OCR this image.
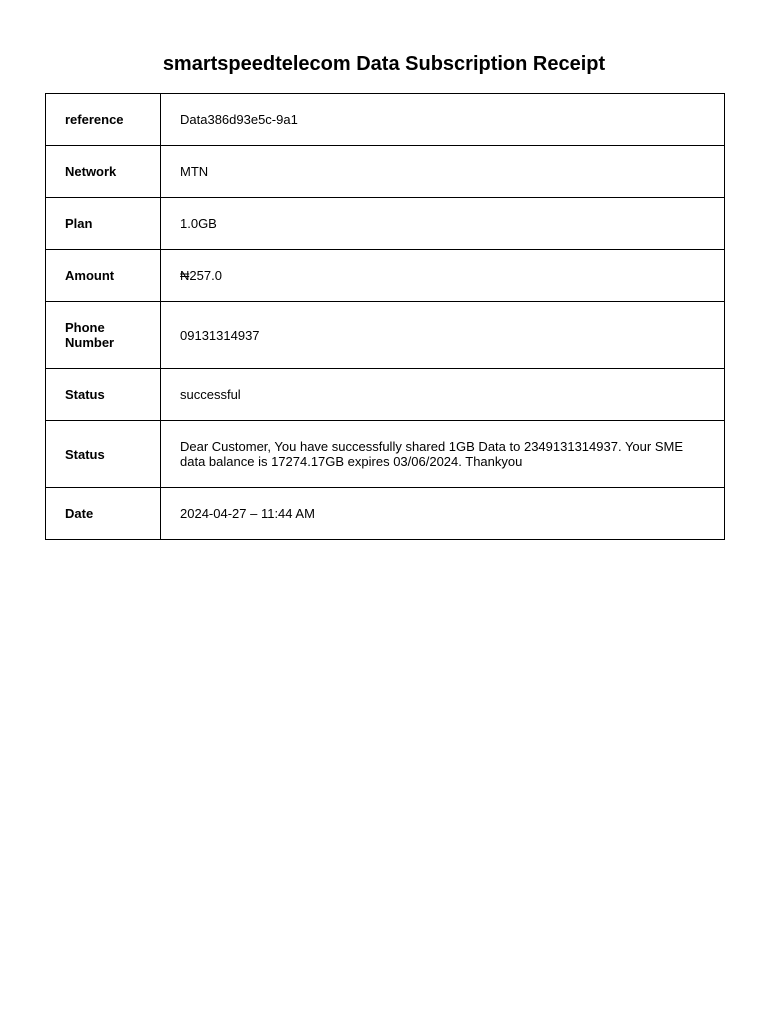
smartspeedtelecom Data Subscription Receipt
reference	Data386d93e5c-9a1
Network	MTN
Plan	1.0GB
Amount	₦257.0
Phone Number	09131314937
Status	successful
Status	Dear Customer, You have successfully shared 1GB Data to 2349131314937. Your SME data balance is 17274.17GB expires 03/06/2024. Thankyou
Date	2024-04-27 – 11:44 AM
